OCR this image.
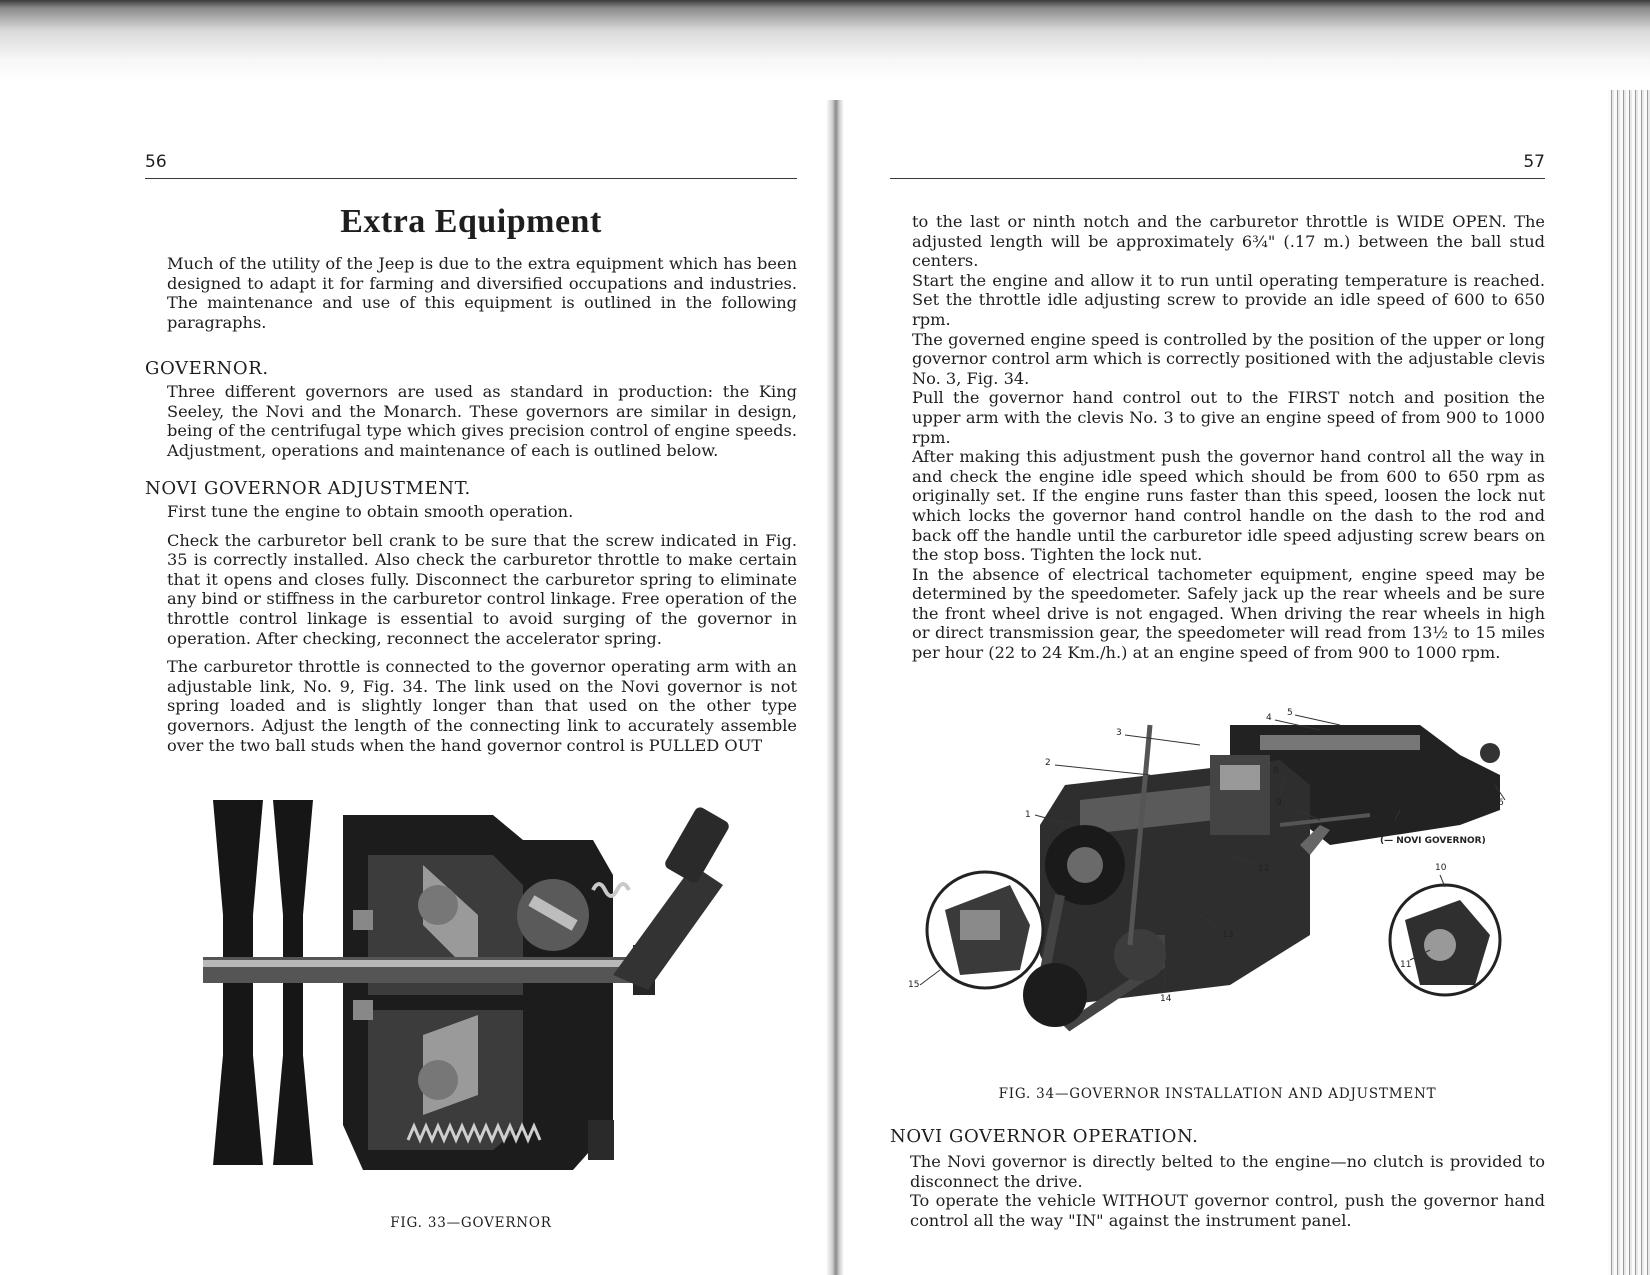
56
Extra Equipment

Much of the utility of the Jeep is due to the extra equipment which has been designed to adapt it for farming and diversified occupations and industries. The maintenance and use of this equipment is outlined in the following paragraphs.

GOVERNOR.

Three different governors are used as standard in production: the King Seeley, the Novi and the Monarch. These governors are similar in design, being of the centrifugal type which gives precision control of engine speeds. Adjustment, operations and maintenance of each is outlined below.

NOVI GOVERNOR ADJUSTMENT.

First tune the engine to obtain smooth operation.

Check the carburetor bell crank to be sure that the screw indicated in Fig. 35 is correctly installed. Also check the carburetor throttle to make certain that it opens and closes fully. Disconnect the carburetor spring to eliminate any bind or stiffness in the carburetor control linkage. Free operation of the throttle control linkage is essential to avoid surging of the governor in operation. After checking, reconnect the accelerator spring.

The carburetor throttle is connected to the governor operating arm with an adjustable link, No. 9, Fig. 34. The link used on the Novi governor is not spring loaded and is slightly longer than that used on the other type governors. Adjust the length of the connecting link to accurately assemble over the two ball studs when the hand governor control is PULLED OUT

FIG. 33—GOVERNOR
57

to the last or ninth notch and the carburetor throttle is WIDE OPEN. The adjusted length will be approximately 6¾" (.17 m.) between the ball stud centers.

Start the engine and allow it to run until operating temperature is reached. Set the throttle idle adjusting screw to provide an idle speed of 600 to 650 rpm.

The governed engine speed is controlled by the position of the upper or long governor control arm which is correctly positioned with the adjustable clevis No. 3, Fig. 34.

Pull the governor hand control out to the FIRST notch and position the upper arm with the clevis No. 3 to give an engine speed of from 900 to 1000 rpm.

After making this adjustment push the governor hand control all the way in and check the engine idle speed which should be from 600 to 650 rpm as originally set. If the engine runs faster than this speed, loosen the lock nut which locks the governor hand control handle on the dash to the rod and back off the handle until the carburetor idle speed adjusting screw bears on the stop boss. Tighten the lock nut.

In the absence of electrical tachometer equipment, engine speed may be determined by the speedometer. Safely jack up the rear wheels and be sure the front wheel drive is not engaged. When driving the rear wheels in high or direct transmission gear, the speedometer will read from 13½ to 15 miles per hour (22 to 24 Km./h.) at an engine speed of from 900 to 1000 rpm.

1
2
3
4 5
6
7
8
9
10
11
12
13
14
15
(— NOVI GOVERNOR)
FIG. 34—GOVERNOR INSTALLATION AND ADJUSTMENT
NOVI GOVERNOR OPERATION.

The Novi governor is directly belted to the engine—no clutch is provided to disconnect the drive.

To operate the vehicle WITHOUT governor control, push the governor hand control all the way "IN" against the instrument panel.
